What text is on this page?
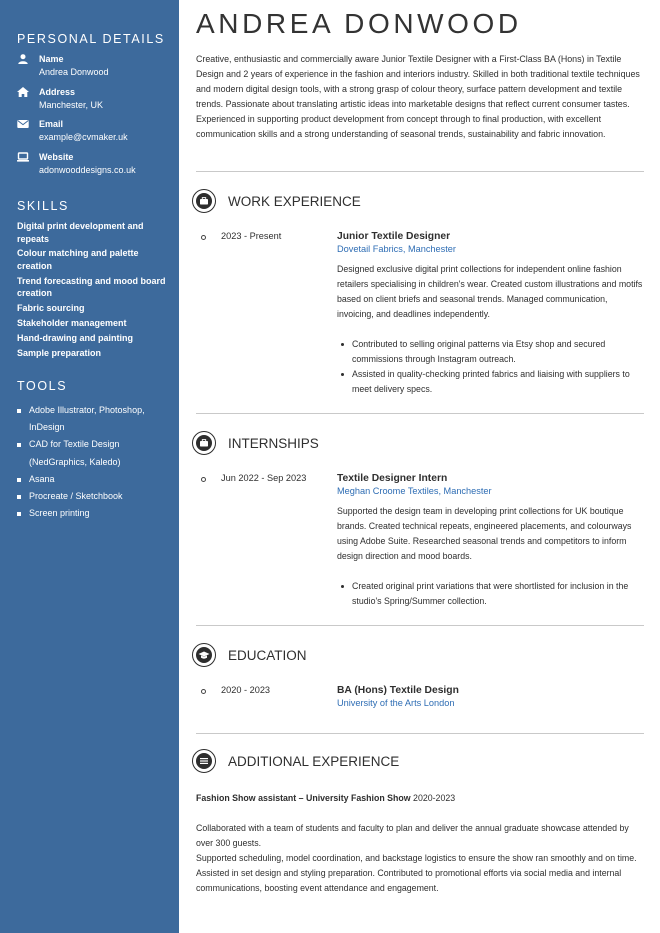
PERSONAL DETAILS
Name
Andrea Donwood
Address
Manchester, UK
Email
example@cvmaker.uk
Website
adonwooddesigns.co.uk
SKILLS
Digital print development and repeats
Colour matching and palette creation
Trend forecasting and mood board creation
Fabric sourcing
Stakeholder management
Hand-drawing and painting
Sample preparation
TOOLS
Adobe Illustrator, Photoshop, InDesign
CAD for Textile Design (NedGraphics, Kaledo)
Asana
Procreate / Sketchbook
Screen printing
ANDREA DONWOOD
Creative, enthusiastic and commercially aware Junior Textile Designer with a First-Class BA (Hons) in Textile Design and 2 years of experience in the fashion and interiors industry. Skilled in both traditional textile techniques and modern digital design tools, with a strong grasp of colour theory, surface pattern development and textile trends. Passionate about translating artistic ideas into marketable designs that reflect current consumer tastes. Experienced in supporting product development from concept through to final production, with excellent communication skills and a strong understanding of seasonal trends, sustainability and fabric innovation.
WORK EXPERIENCE
2023 - Present	Junior Textile Designer
Dovetail Fabrics, Manchester
Designed exclusive digital print collections for independent online fashion retailers specialising in children's wear. Created custom illustrations and motifs based on client briefs and seasonal trends. Managed communication, invoicing, and deadlines independently.
Contributed to selling original patterns via Etsy shop and secured commissions through Instagram outreach.
Assisted in quality-checking printed fabrics and liaising with suppliers to meet delivery specs.
INTERNSHIPS
Jun 2022 - Sep 2023	Textile Designer Intern
Meghan Croome Textiles, Manchester
Supported the design team in developing print collections for UK boutique brands. Created technical repeats, engineered placements, and colourways using Adobe Suite. Researched seasonal trends and competitors to inform design direction and mood boards.
Created original print variations that were shortlisted for inclusion in the studio's Spring/Summer collection.
EDUCATION
2020 - 2023	BA (Hons) Textile Design
University of the Arts London
ADDITIONAL EXPERIENCE
Fashion Show assistant – University Fashion Show 2020-2023
Collaborated with a team of students and faculty to plan and deliver the annual graduate showcase attended by over 300 guests.
Supported scheduling, model coordination, and backstage logistics to ensure the show ran smoothly and on time. Assisted in set design and styling preparation. Contributed to promotional efforts via social media and internal communications, boosting event attendance and engagement.
